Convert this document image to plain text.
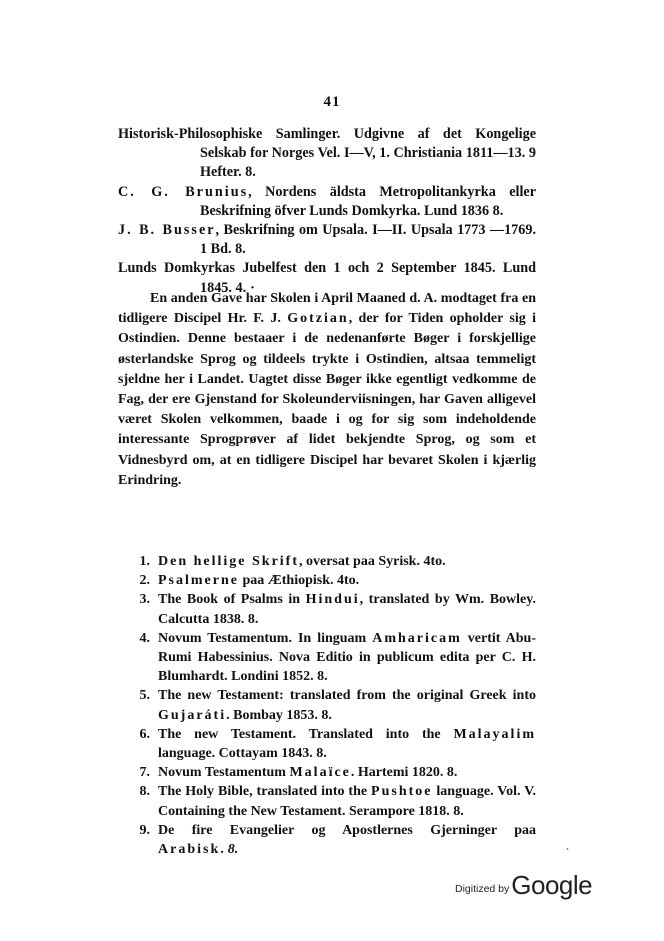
41
Historisk-Philosophiske Samlinger. Udgivne af det Kongelige Selskab for Norges Vel. I—V, 1. Christiania 1811—13. 9 Hefter. 8.
C. G. Brunius, Nordens äldsta Metropolitankyrka eller Beskrifning öfver Lunds Domkyrka. Lund 1836 8.
J. B. Busser, Beskrifning om Upsala. I—II. Upsala 1773 —1769. 1 Bd. 8.
Lunds Domkyrkas Jubelfest den 1 och 2 September 1845. Lund 1845. 4. ·
En anden Gave har Skolen i April Maaned d. A. modtaget fra en tidligere Discipel Hr. F. J. Gotzian, der for Tiden opholder sig i Ostindien. Denne bestaaer i de nedenanførte Bøger i forskjellige østerlandske Sprog og tildeels trykte i Ostindien, altsaa temmeligt sjeldne her i Landet. Uagtet disse Bøger ikke egentligt vedkomme de Fag, der ere Gjenstand for Skoleunderviisningen, har Gaven alligevel været Skolen velkommen, baade i og for sig som indeholdende interessante Sprogprøver af lidet bekjendte Sprog, og som et Vidnesbyrd om, at en tidligere Discipel har bevaret Skolen i kjærlig Erindring.
1. Den hellige Skrift, oversat paa Syrisk. 4to.
2. Psalmerne paa Æthiopisk. 4to.
3. The Book of Psalms in Hindui, translated by Wm. Bowley. Calcutta 1838. 8.
4. Novum Testamentum. In linguam Amharicam vertit Abu-Rumi Habessinius. Nova Editio in publicum edita per C. H. Blumhardt. Londini 1852. 8.
5. The new Testament: translated from the original Greek into Gujaráti. Bombay 1853. 8.
6. The new Testament. Translated into the Malayalim language. Cottayam 1843. 8.
7. Novum Testamentum Malaïce. Hartemi 1820. 8.
8. The Holy Bible, translated into the Pushtoe language. Vol. V. Containing the New Testament. Serampore 1818. 8.
9. De fire Evangelier og Apostlernes Gjerninger paa Arabisk. 8.	¸
Digitized by Google
